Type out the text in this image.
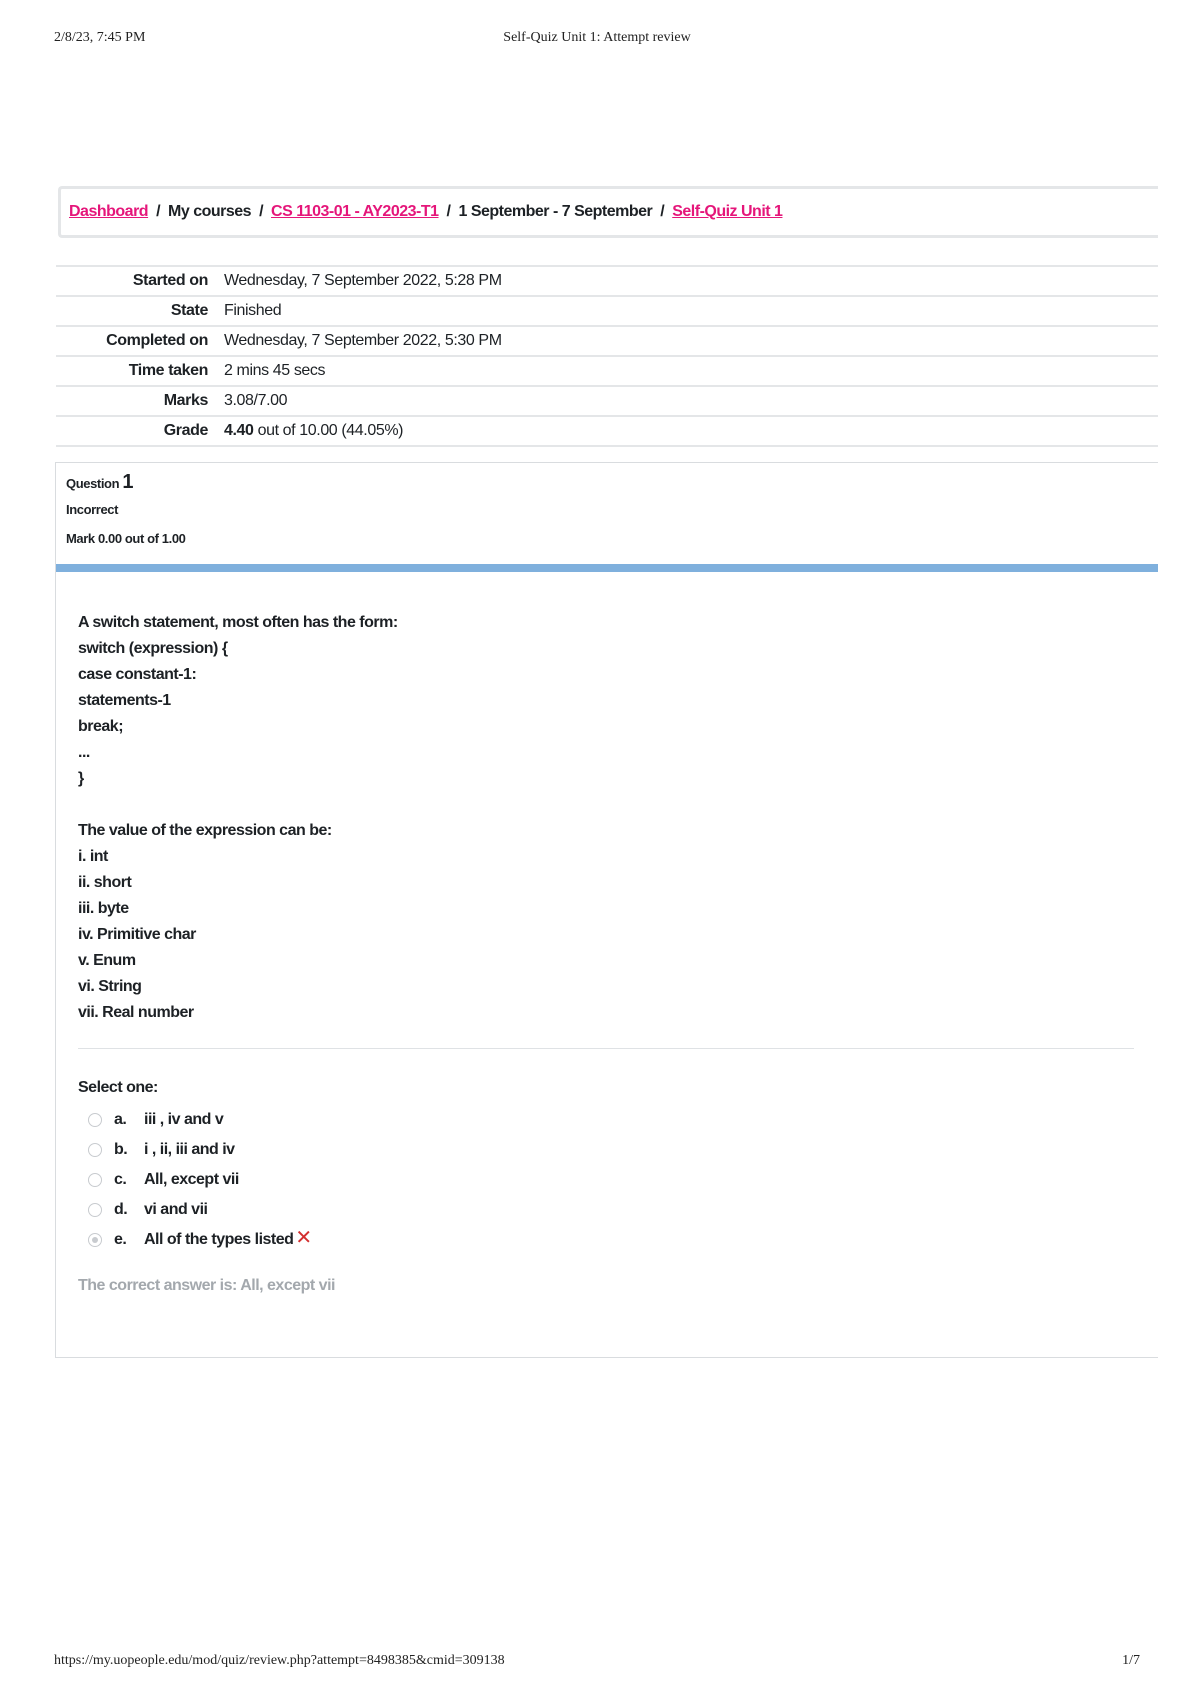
2/8/23, 7:45 PM	Self-Quiz Unit 1: Attempt review
Dashboard / My courses / CS 1103-01 - AY2023-T1 / 1 September - 7 September / Self-Quiz Unit 1
Started on	Wednesday, 7 September 2022, 5:28 PM
State	Finished
Completed on	Wednesday, 7 September 2022, 5:30 PM
Time taken	2 mins 45 secs
Marks	3.08/7.00
Grade	4.40 out of 10.00 (44.05%)
Question 1
Incorrect
Mark 0.00 out of 1.00
A switch statement, most often has the form:
switch (expression) {
case constant-1:
statements-1
break;
...
}
The value of the expression can be:
i. int
ii. short
iii. byte
iv. Primitive char
v. Enum
vi. String
vii. Real number
Select one:
a.	iii , iv and v
b.	i , ii, iii and iv
c.	All, except vii
d.	vi and vii
e.	All of the types listed ✕
The correct answer is: All, except vii
https://my.uopeople.edu/mod/quiz/review.php?attempt=8498385&cmid=309138	1/7
